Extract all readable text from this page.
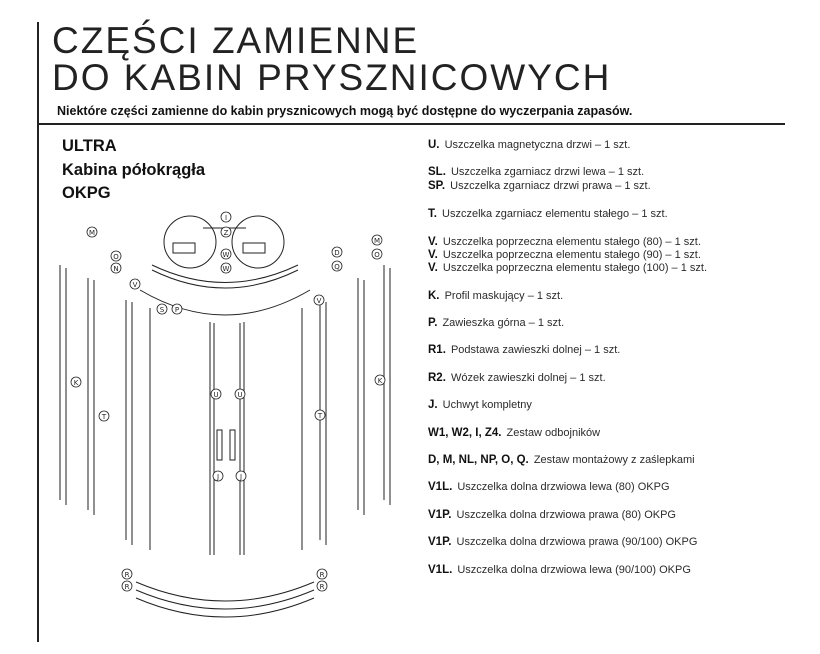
CZĘŚCI ZAMIENNE
DO KABIN PRYSZNICOWYCH
Niektóre części zamienne do kabin prysznicowych mogą być dostępne do wyczerpania zapasów.
ULTRA
Kabina półokrągła
OKPG
U. Uszczelka magnetyczna drzwi – 1 szt.
SL. Uszczelka zgarniacz drzwi lewa – 1 szt.
SP. Uszczelka zgarniacz drzwi prawa – 1 szt.
T. Uszczelka zgarniacz elementu stałego – 1 szt.
V. Uszczelka poprzeczna elementu stałego (80) – 1 szt.
V. Uszczelka poprzeczna elementu stałego (90) – 1 szt.
V. Uszczelka poprzeczna elementu stałego (100) – 1 szt.
K. Profil maskujący – 1 szt.
P. Zawieszka górna – 1 szt.
R1. Podstawa zawieszki dolnej – 1 szt.
R2. Wózek zawieszki dolnej – 1 szt.
J. Uchwyt kompletny
W1, W2, I, Z4. Zestaw odbojników
D, M, NL, NP, O, Q. Zestaw montażowy z zaślepkami
V1L. Uszczelka dolna drzwiowa lewa (80) OKPG
V1P. Uszczelka dolna drzwiowa prawa (80) OKPG
V1P. Uszczelka dolna drzwiowa prawa (90/100) OKPG
V1L. Uszczelka dolna drzwiowa lewa (90/100) OKPG
M
O
N
V
K
T
I
Z
W
W
U	U
J	J
S P
D
Q
M
O
V
K
T
R
R
R
R
